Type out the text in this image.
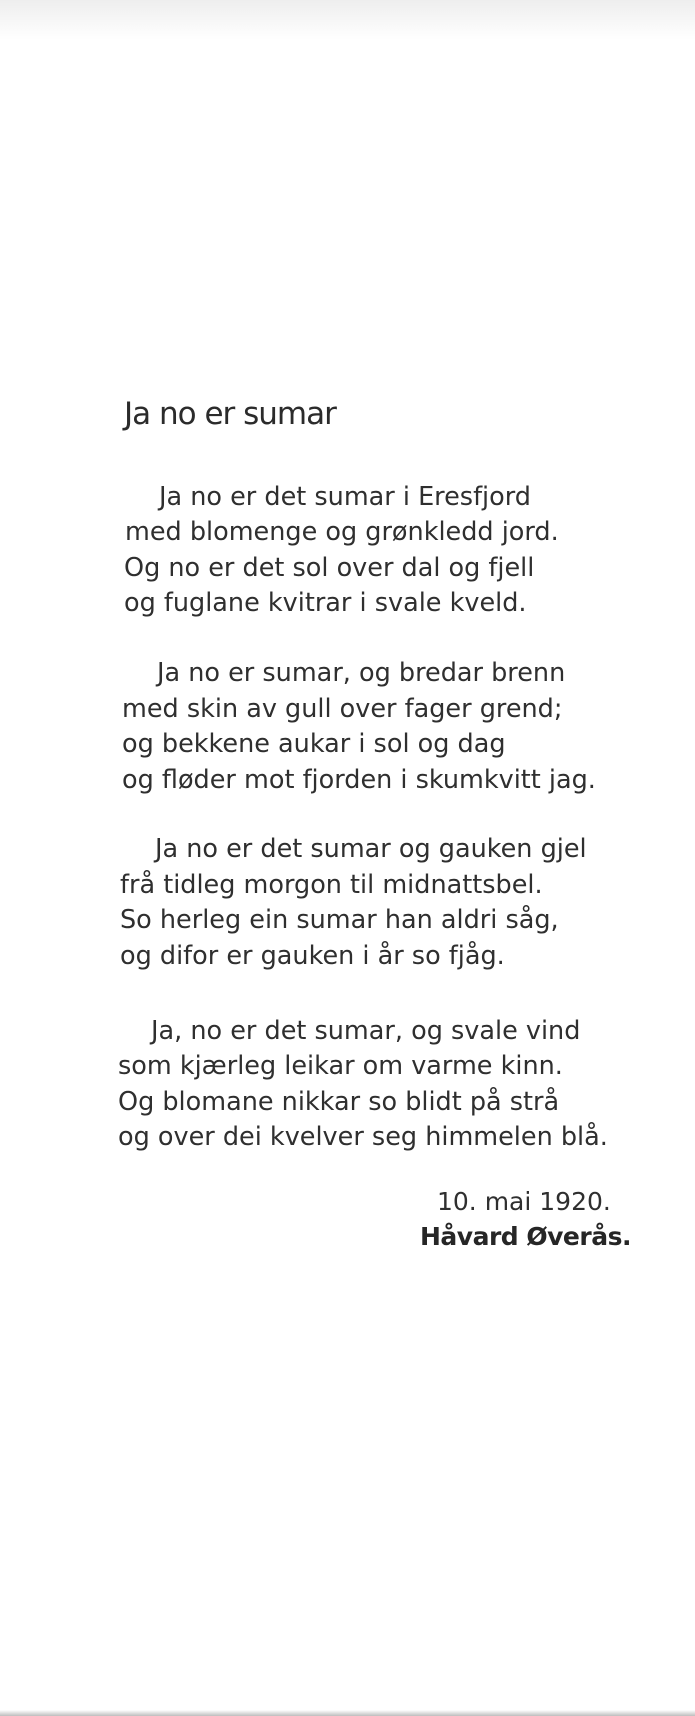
Ja no er sumar

Ja no er det sumar i Eresfjord

med blomenge og grønkledd jord.

Og no er det sol over dal og fjell

og fuglane kvitrar i svale kveld.

Ja no er sumar, og bredar brenn

med skin av gull over fager grend;

og bekkene aukar i sol og dag

og fløder mot fjorden i skumkvitt jag.

Ja no er det sumar og gauken gjel

frå tidleg morgon til midnattsbel.

So herleg ein sumar han aldri såg,

og difor er gauken i år so fjåg.

Ja, no er det sumar, og svale vind

som kjærleg leikar om varme kinn.

Og blomane nikkar so blidt på strå

og over dei kvelver seg himmelen blå.

10. mai 1920.

Håvard Øverås.
